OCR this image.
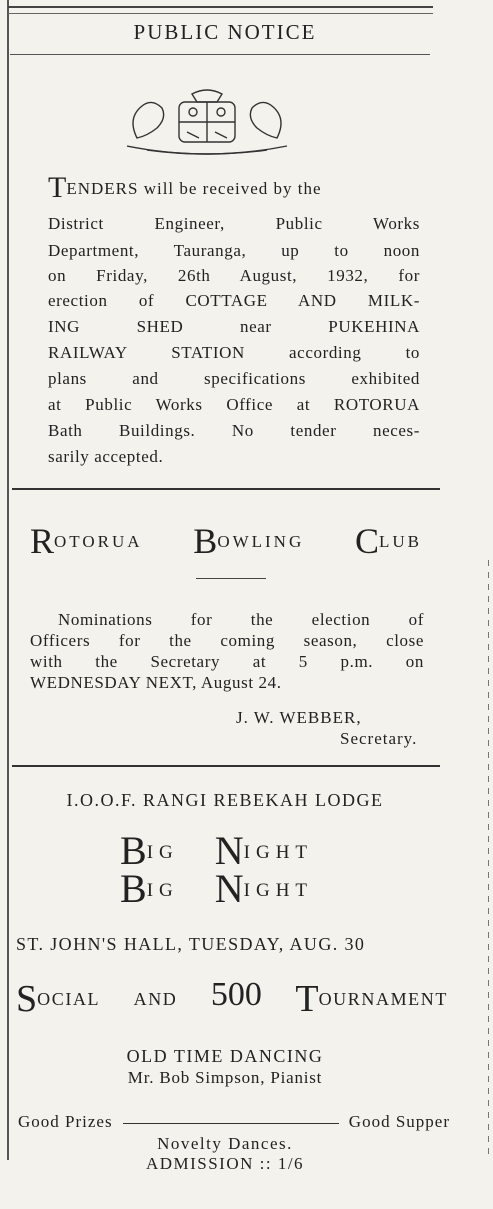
PUBLIC NOTICE
TENDERS will be received by the
District Engineer, Public Works
Department, Tauranga, up to noon
on Friday, 26th August, 1932, for
erection of COTTAGE AND MILK-
ING SHED near PUKEHINA
RAILWAY STATION according to
plans and specifications exhibited
at Public Works Office at ROTORUA
Bath Buildings. No tender neces-
sarily accepted.
ROTORUA BOWLING CLUB
Nominations for the election of
Officers for the coming season, close
with the Secretary at 5 p.m. on
WEDNESDAY NEXT, August 24.
J. W. WEBBER,
Secretary.
I.O.O.F. RANGI REBEKAH LODGE
BIG NIGHT
BIG NIGHT
ST. JOHN'S HALL, TUESDAY, AUG. 30
SOCIAL AND 500 TOURNAMENT
OLD TIME DANCING
Mr. Bob Simpson, Pianist
Good Prizes	Good Supper
Novelty Dances.
ADMISSION :: 1/6
